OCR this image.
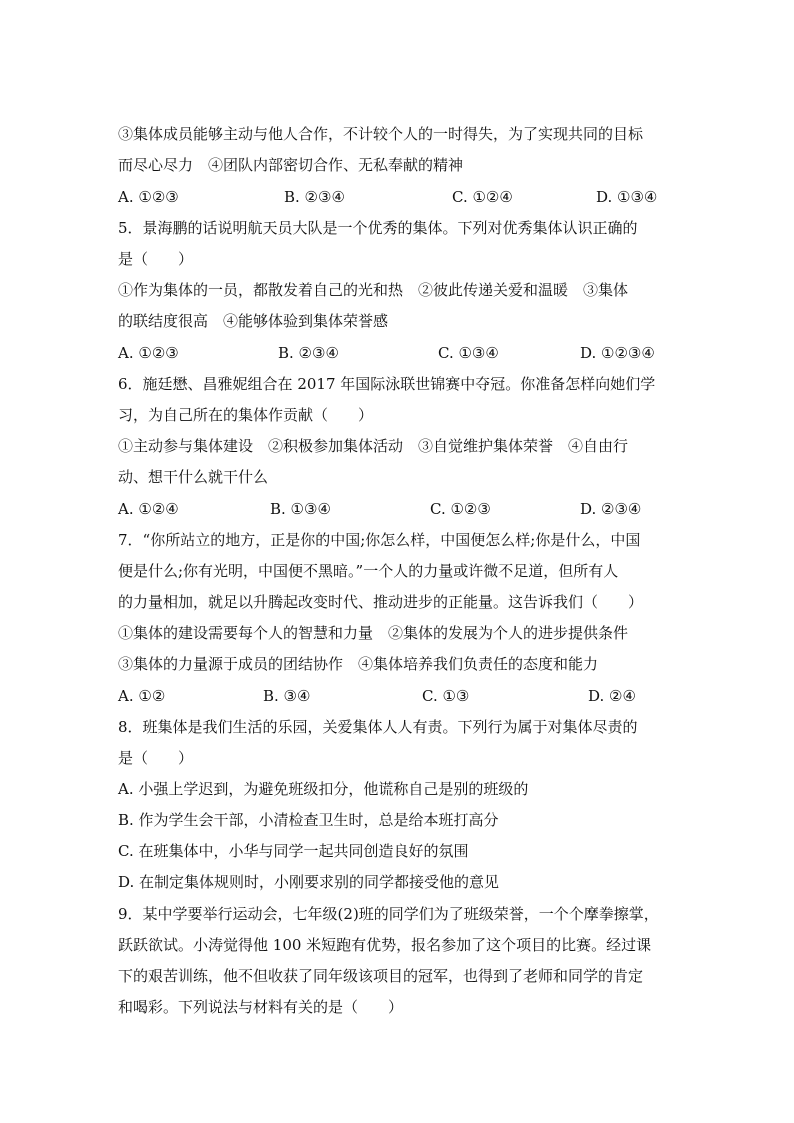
③集体成员能够主动与他人合作，不计较个人的一时得失，为了实现共同的目标
而尽心尽力　④团队内部密切合作、无私奉献的精神
A. ①②③	B. ②③④	C. ①②④	D. ①③④
5．景海鹏的话说明航天员大队是一个优秀的集体。下列对优秀集体认识正确的
是（　　）
①作为集体的一员，都散发着自己的光和热　②彼此传递关爱和温暖　③集体
的联结度很高　④能够体验到集体荣誉感
A. ①②③	B. ②③④	C. ①③④	D. ①②③④
6．施廷懋、昌雅妮组合在 2017 年国际泳联世锦赛中夺冠。你准备怎样向她们学
习，为自己所在的集体作贡献（　　）
①主动参与集体建设　②积极参加集体活动　③自觉维护集体荣誉　④自由行
动、想干什么就干什么
A. ①②④	B. ①③④	C. ①②③	D. ②③④
7．“你所站立的地方，正是你的中国;你怎么样，中国便怎么样;你是什么，中国
便是什么;你有光明，中国便不黑暗。”一个人的力量或许微不足道，但所有人
的力量相加，就足以升腾起改变时代、推动进步的正能量。这告诉我们（　　）
①集体的建设需要每个人的智慧和力量　②集体的发展为个人的进步提供条件
③集体的力量源于成员的团结协作　④集体培养我们负责任的态度和能力
A. ①②	B. ③④	C. ①③	D. ②④
8．班集体是我们生活的乐园，关爱集体人人有责。下列行为属于对集体尽责的
是（　　）
A. 小强上学迟到，为避免班级扣分，他谎称自己是别的班级的
B. 作为学生会干部，小清检查卫生时，总是给本班打高分
C. 在班集体中，小华与同学一起共同创造良好的氛围
D. 在制定集体规则时，小刚要求别的同学都接受他的意见
9．某中学要举行运动会，七年级(2)班的同学们为了班级荣誉，一个个摩拳擦掌，
跃跃欲试。小涛觉得他 100 米短跑有优势，报名参加了这个项目的比赛。经过课
下的艰苦训练，他不但收获了同年级该项目的冠军，也得到了老师和同学的肯定
和喝彩。下列说法与材料有关的是（　　）
